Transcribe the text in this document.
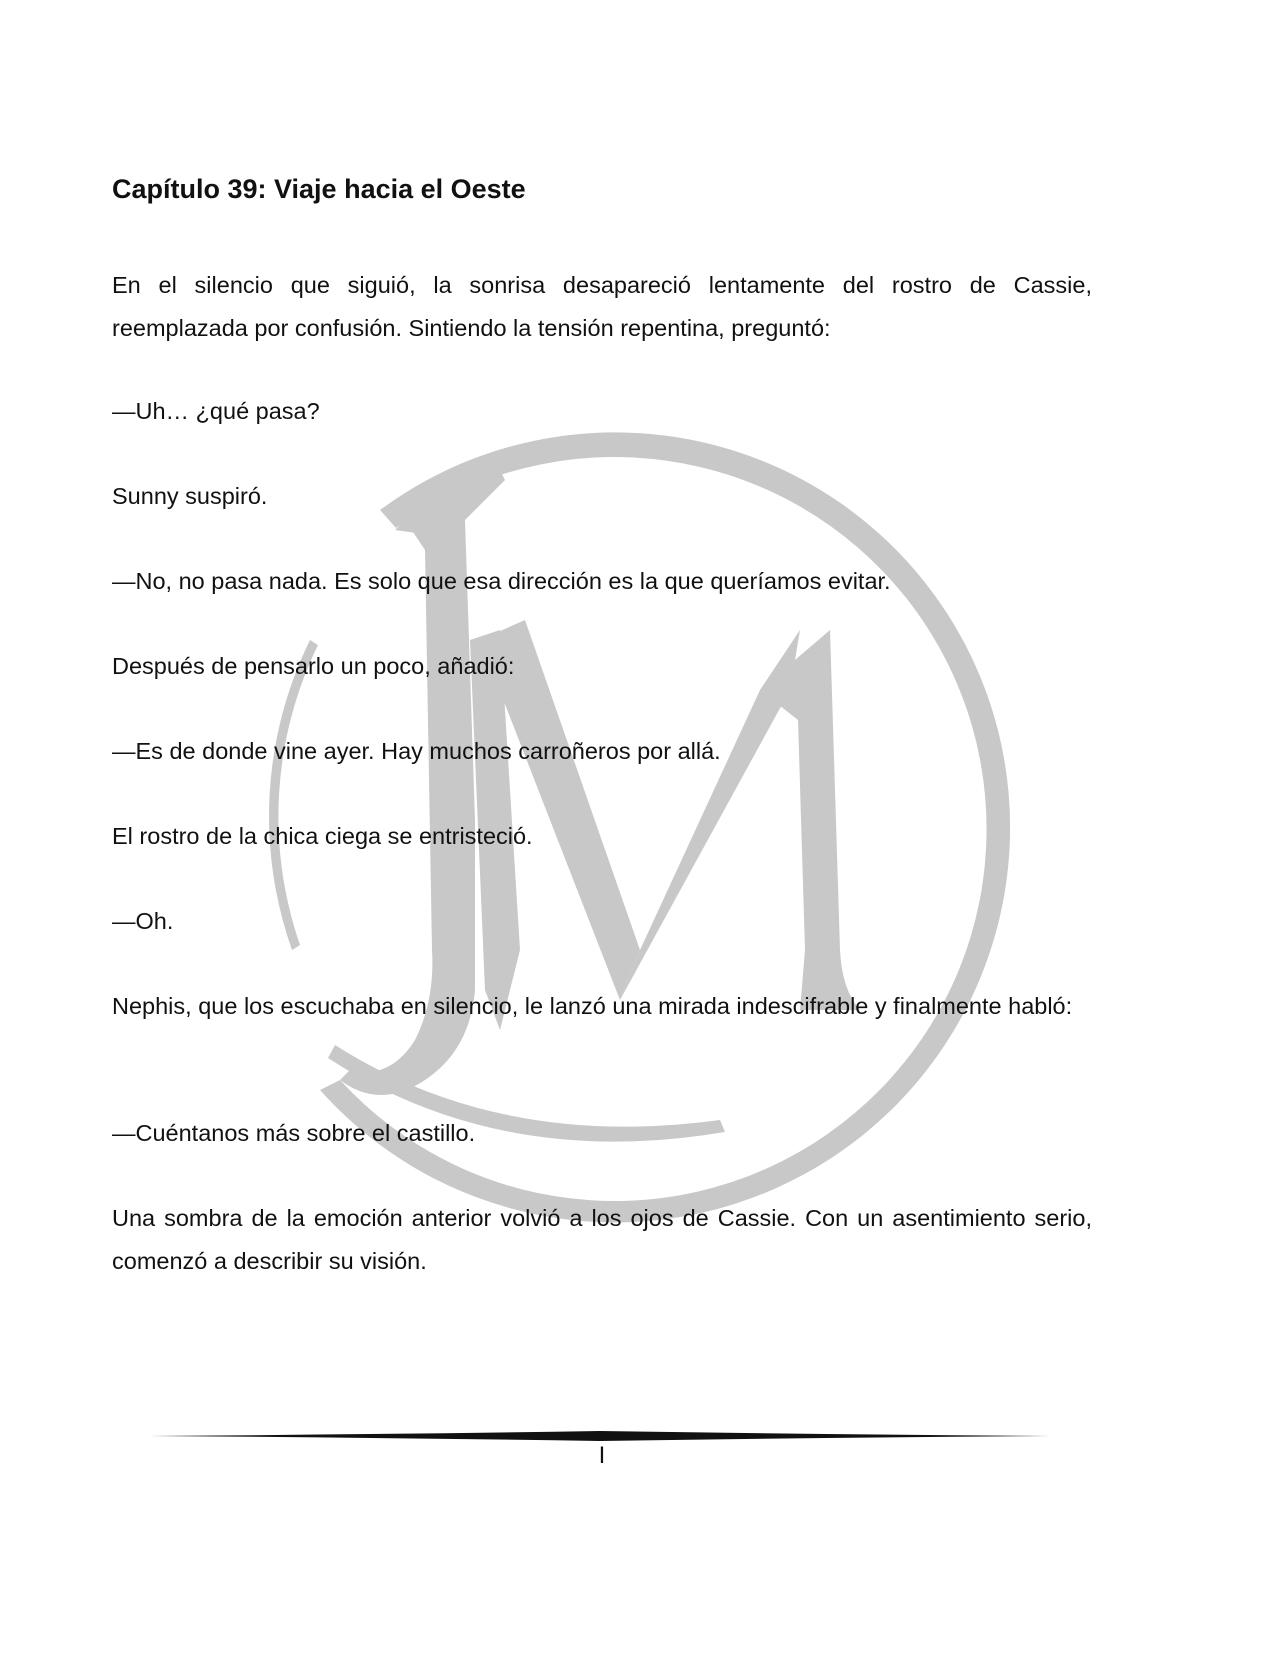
Capítulo 39: Viaje hacia el Oeste

En el silencio que siguió, la sonrisa desapareció lentamente del rostro de Cassie, reemplazada por confusión. Sintiendo la tensión repentina, preguntó:

—Uh… ¿qué pasa?

Sunny suspiró.

—No, no pasa nada. Es solo que esa dirección es la que queríamos evitar.

Después de pensarlo un poco, añadió:

—Es de donde vine ayer. Hay muchos carroñeros por allá.

El rostro de la chica ciega se entristeció.

—Oh.

Nephis, que los escuchaba en silencio, le lanzó una mirada indescifrable y finalmente habló:

—Cuéntanos más sobre el castillo.

Una sombra de la emoción anterior volvió a los ojos de Cassie. Con un asentimiento serio, comenzó a describir su visión.

I
